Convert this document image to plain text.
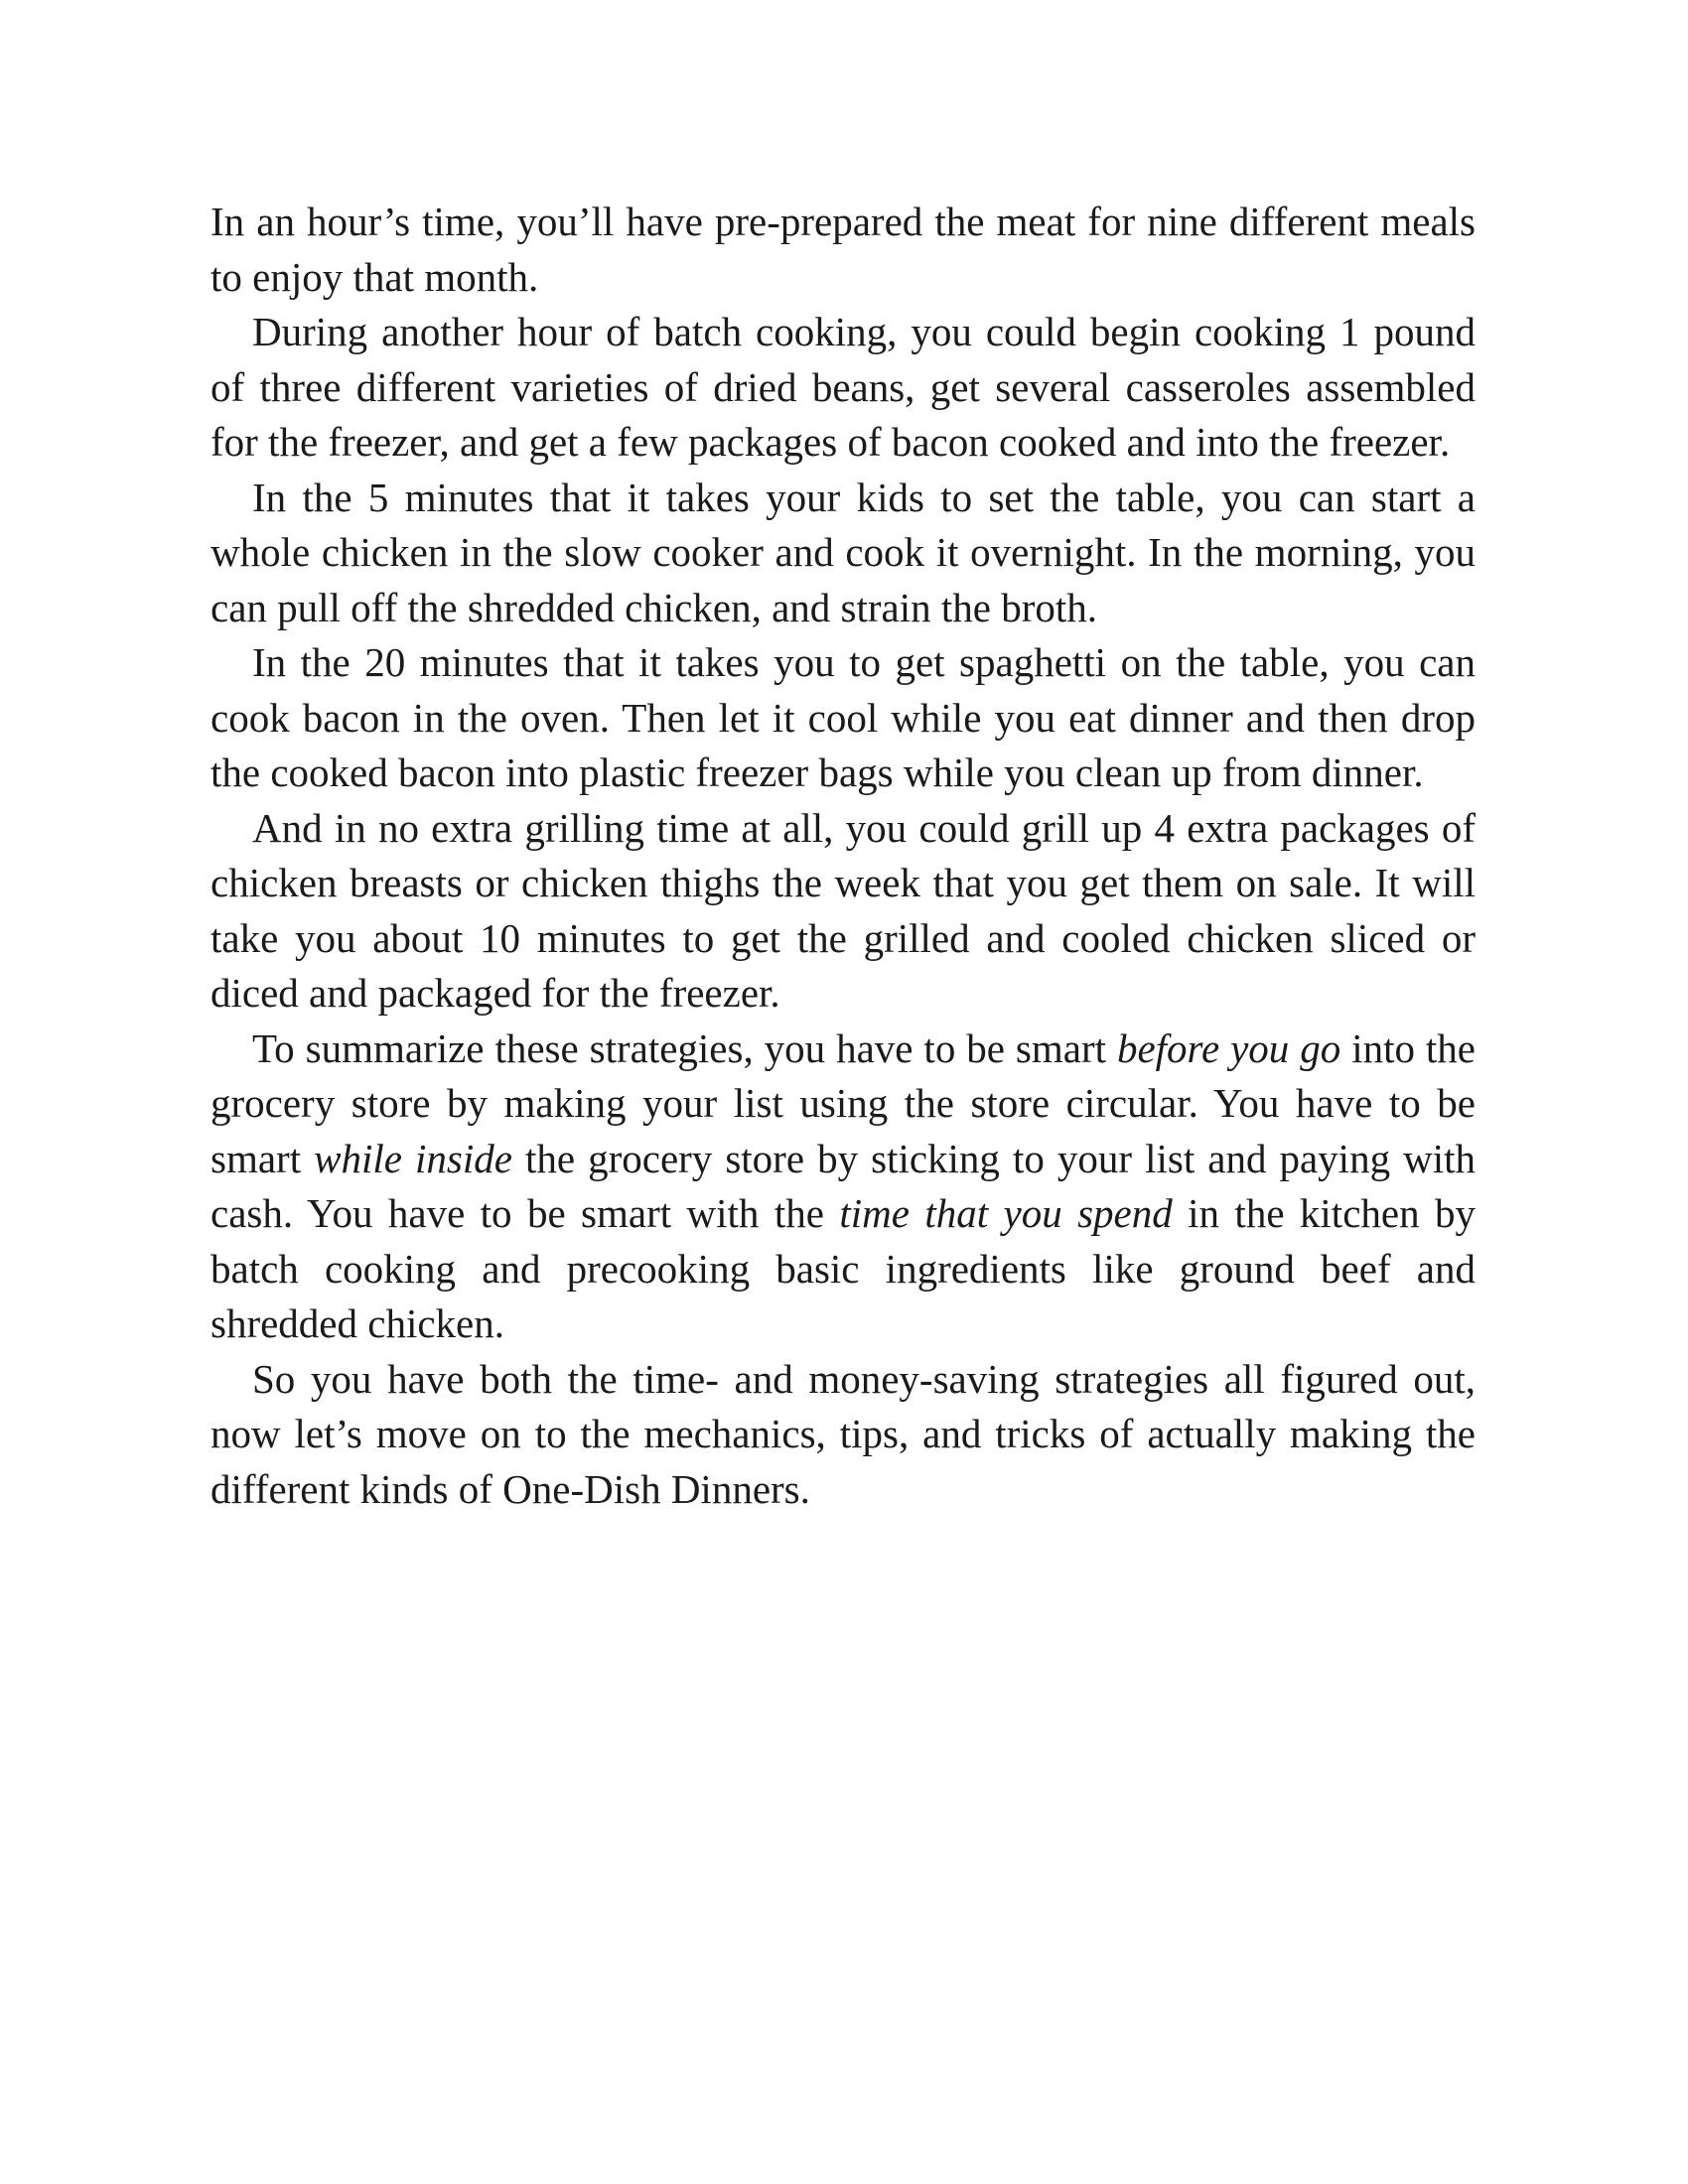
In an hour’s time, you’ll have pre-prepared the meat for nine different meals to enjoy that month.

During another hour of batch cooking, you could begin cooking 1 pound of three different varieties of dried beans, get several casseroles assembled for the freezer, and get a few packages of bacon cooked and into the freezer.

In the 5 minutes that it takes your kids to set the table, you can start a whole chicken in the slow cooker and cook it overnight. In the morning, you can pull off the shredded chicken, and strain the broth.

In the 20 minutes that it takes you to get spaghetti on the table, you can cook bacon in the oven. Then let it cool while you eat dinner and then drop the cooked bacon into plastic freezer bags while you clean up from dinner.

And in no extra grilling time at all, you could grill up 4 extra packages of chicken breasts or chicken thighs the week that you get them on sale. It will take you about 10 minutes to get the grilled and cooled chicken sliced or diced and packaged for the freezer.

To summarize these strategies, you have to be smart before you go into the grocery store by making your list using the store circular. You have to be smart while inside the grocery store by sticking to your list and paying with cash. You have to be smart with the time that you spend in the kitchen by batch cooking and precooking basic ingredients like ground beef and shredded chicken.

So you have both the time- and money-saving strategies all figured out, now let’s move on to the mechanics, tips, and tricks of actually making the different kinds of One-Dish Dinners.
